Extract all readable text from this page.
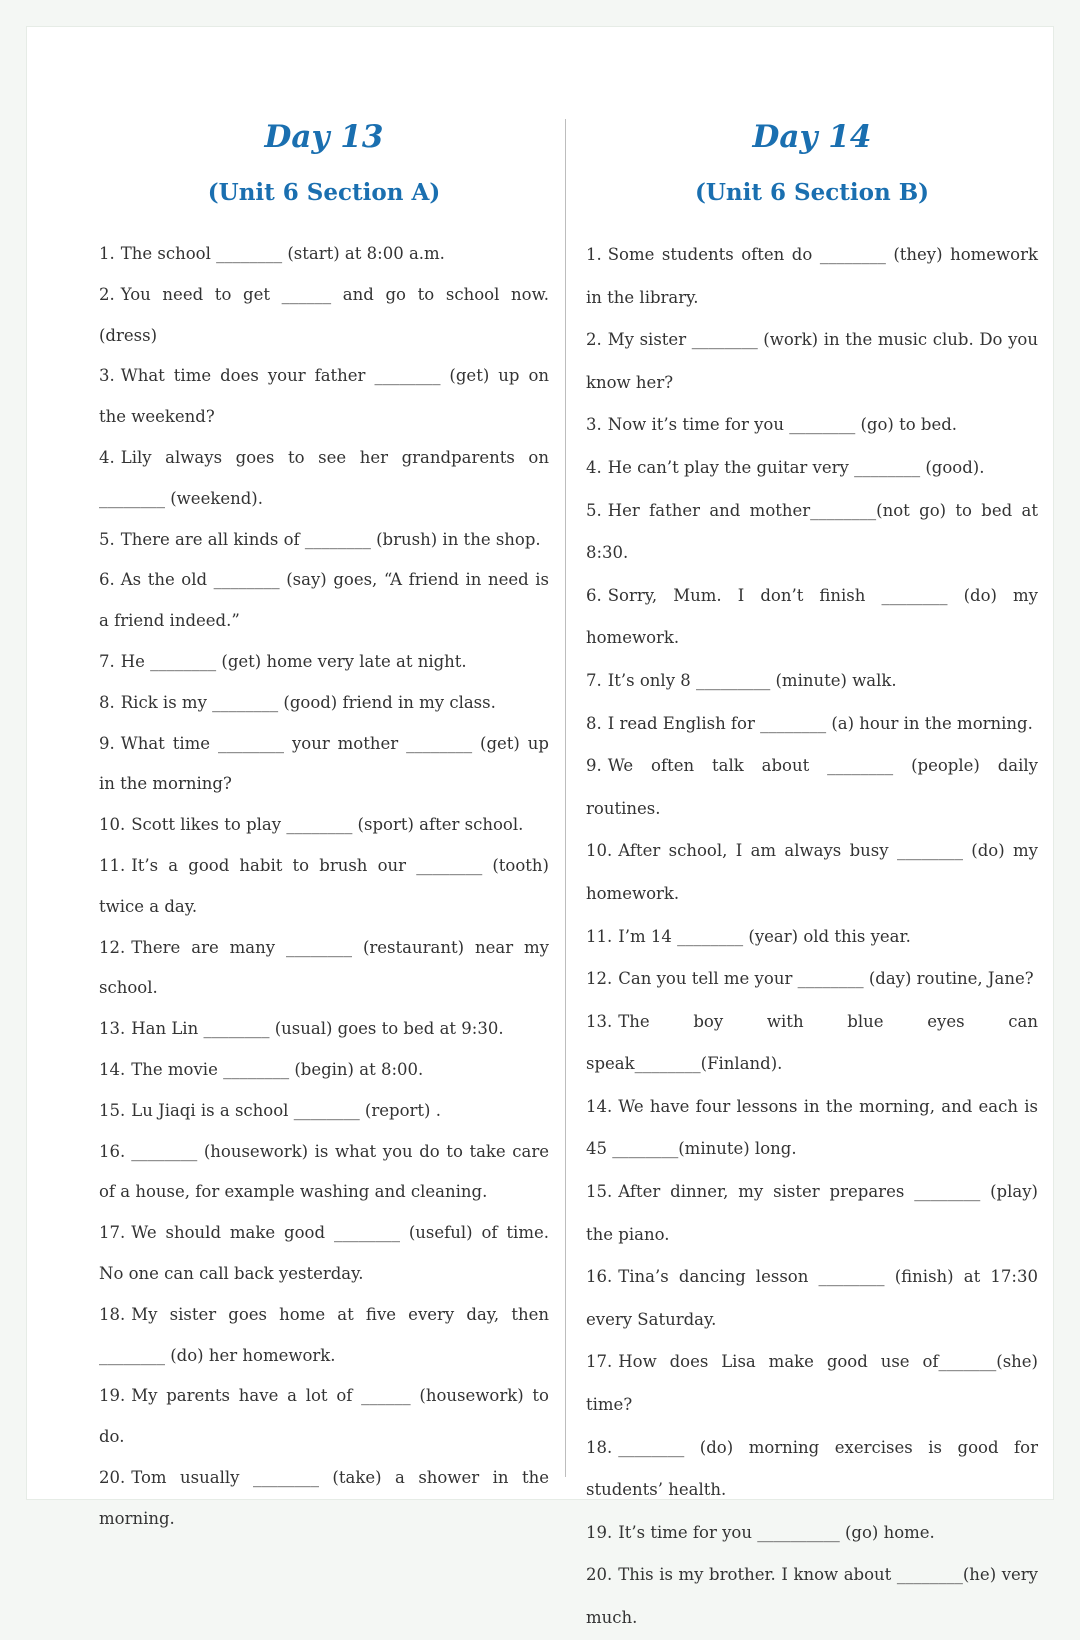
Day 13
(Unit 6 Section A)
1. The school ________ (start) at 8:00 a.m.
2. You need to get ______ and go to school now. (dress)
3. What time does your father ________ (get) up on the weekend?
4. Lily always goes to see her grandparents on ________ (weekend).
5. There are all kinds of ________ (brush) in the shop.
6. As the old ________ (say) goes, “A friend in need is a friend indeed.”
7. He ________ (get) home very late at night.
8. Rick is my ________ (good) friend in my class.
9. What time ________ your mother ________ (get) up in the morning?
10. Scott likes to play ________ (sport) after school.
11. It’s a good habit to brush our ________ (tooth) twice a day.
12. There are many ________ (restaurant) near my school.
13. Han Lin ________ (usual) goes to bed at 9:30.
14. The movie ________ (begin) at 8:00.
15. Lu Jiaqi is a school ________ (report) .
16. ________ (housework) is what you do to take care of a house, for example washing and cleaning.
17. We should make good ________ (useful) of time. No one can call back yesterday.
18. My sister goes home at five every day, then ________ (do) her homework.
19. My parents have a lot of ______ (housework) to do.
20. Tom usually ________ (take) a shower in the morning.
Day 14
(Unit 6 Section B)
1. Some students often do ________ (they) homework in the library.
2. My sister ________ (work) in the music club. Do you know her?
3. Now it’s time for you ________ (go) to bed.
4. He can’t play the guitar very ________ (good).
5. Her father and mother________(not go) to bed at 8:30.
6. Sorry, Mum. I don’t finish ________ (do) my homework.
7. It’s only 8 _________ (minute) walk.
8. I read English for ________ (a) hour in the morning.
9. We often talk about ________ (people) daily routines.
10. After school, I am always busy ________ (do) my homework.
11. I’m 14 ________ (year) old this year.
12. Can you tell me your ________ (day) routine, Jane?
13. The boy with blue eyes can speak________(Finland).
14. We have four lessons in the morning, and each is 45 ________(minute) long.
15. After dinner, my sister prepares ________ (play) the piano.
16. Tina’s dancing lesson ________ (finish) at 17:30 every Saturday.
17. How does Lisa make good use of_______(she) time?
18. ________ (do) morning exercises is good for students’ health.
19. It’s time for you __________ (go) home.
20. This is my brother. I know about ________(he) very much.
